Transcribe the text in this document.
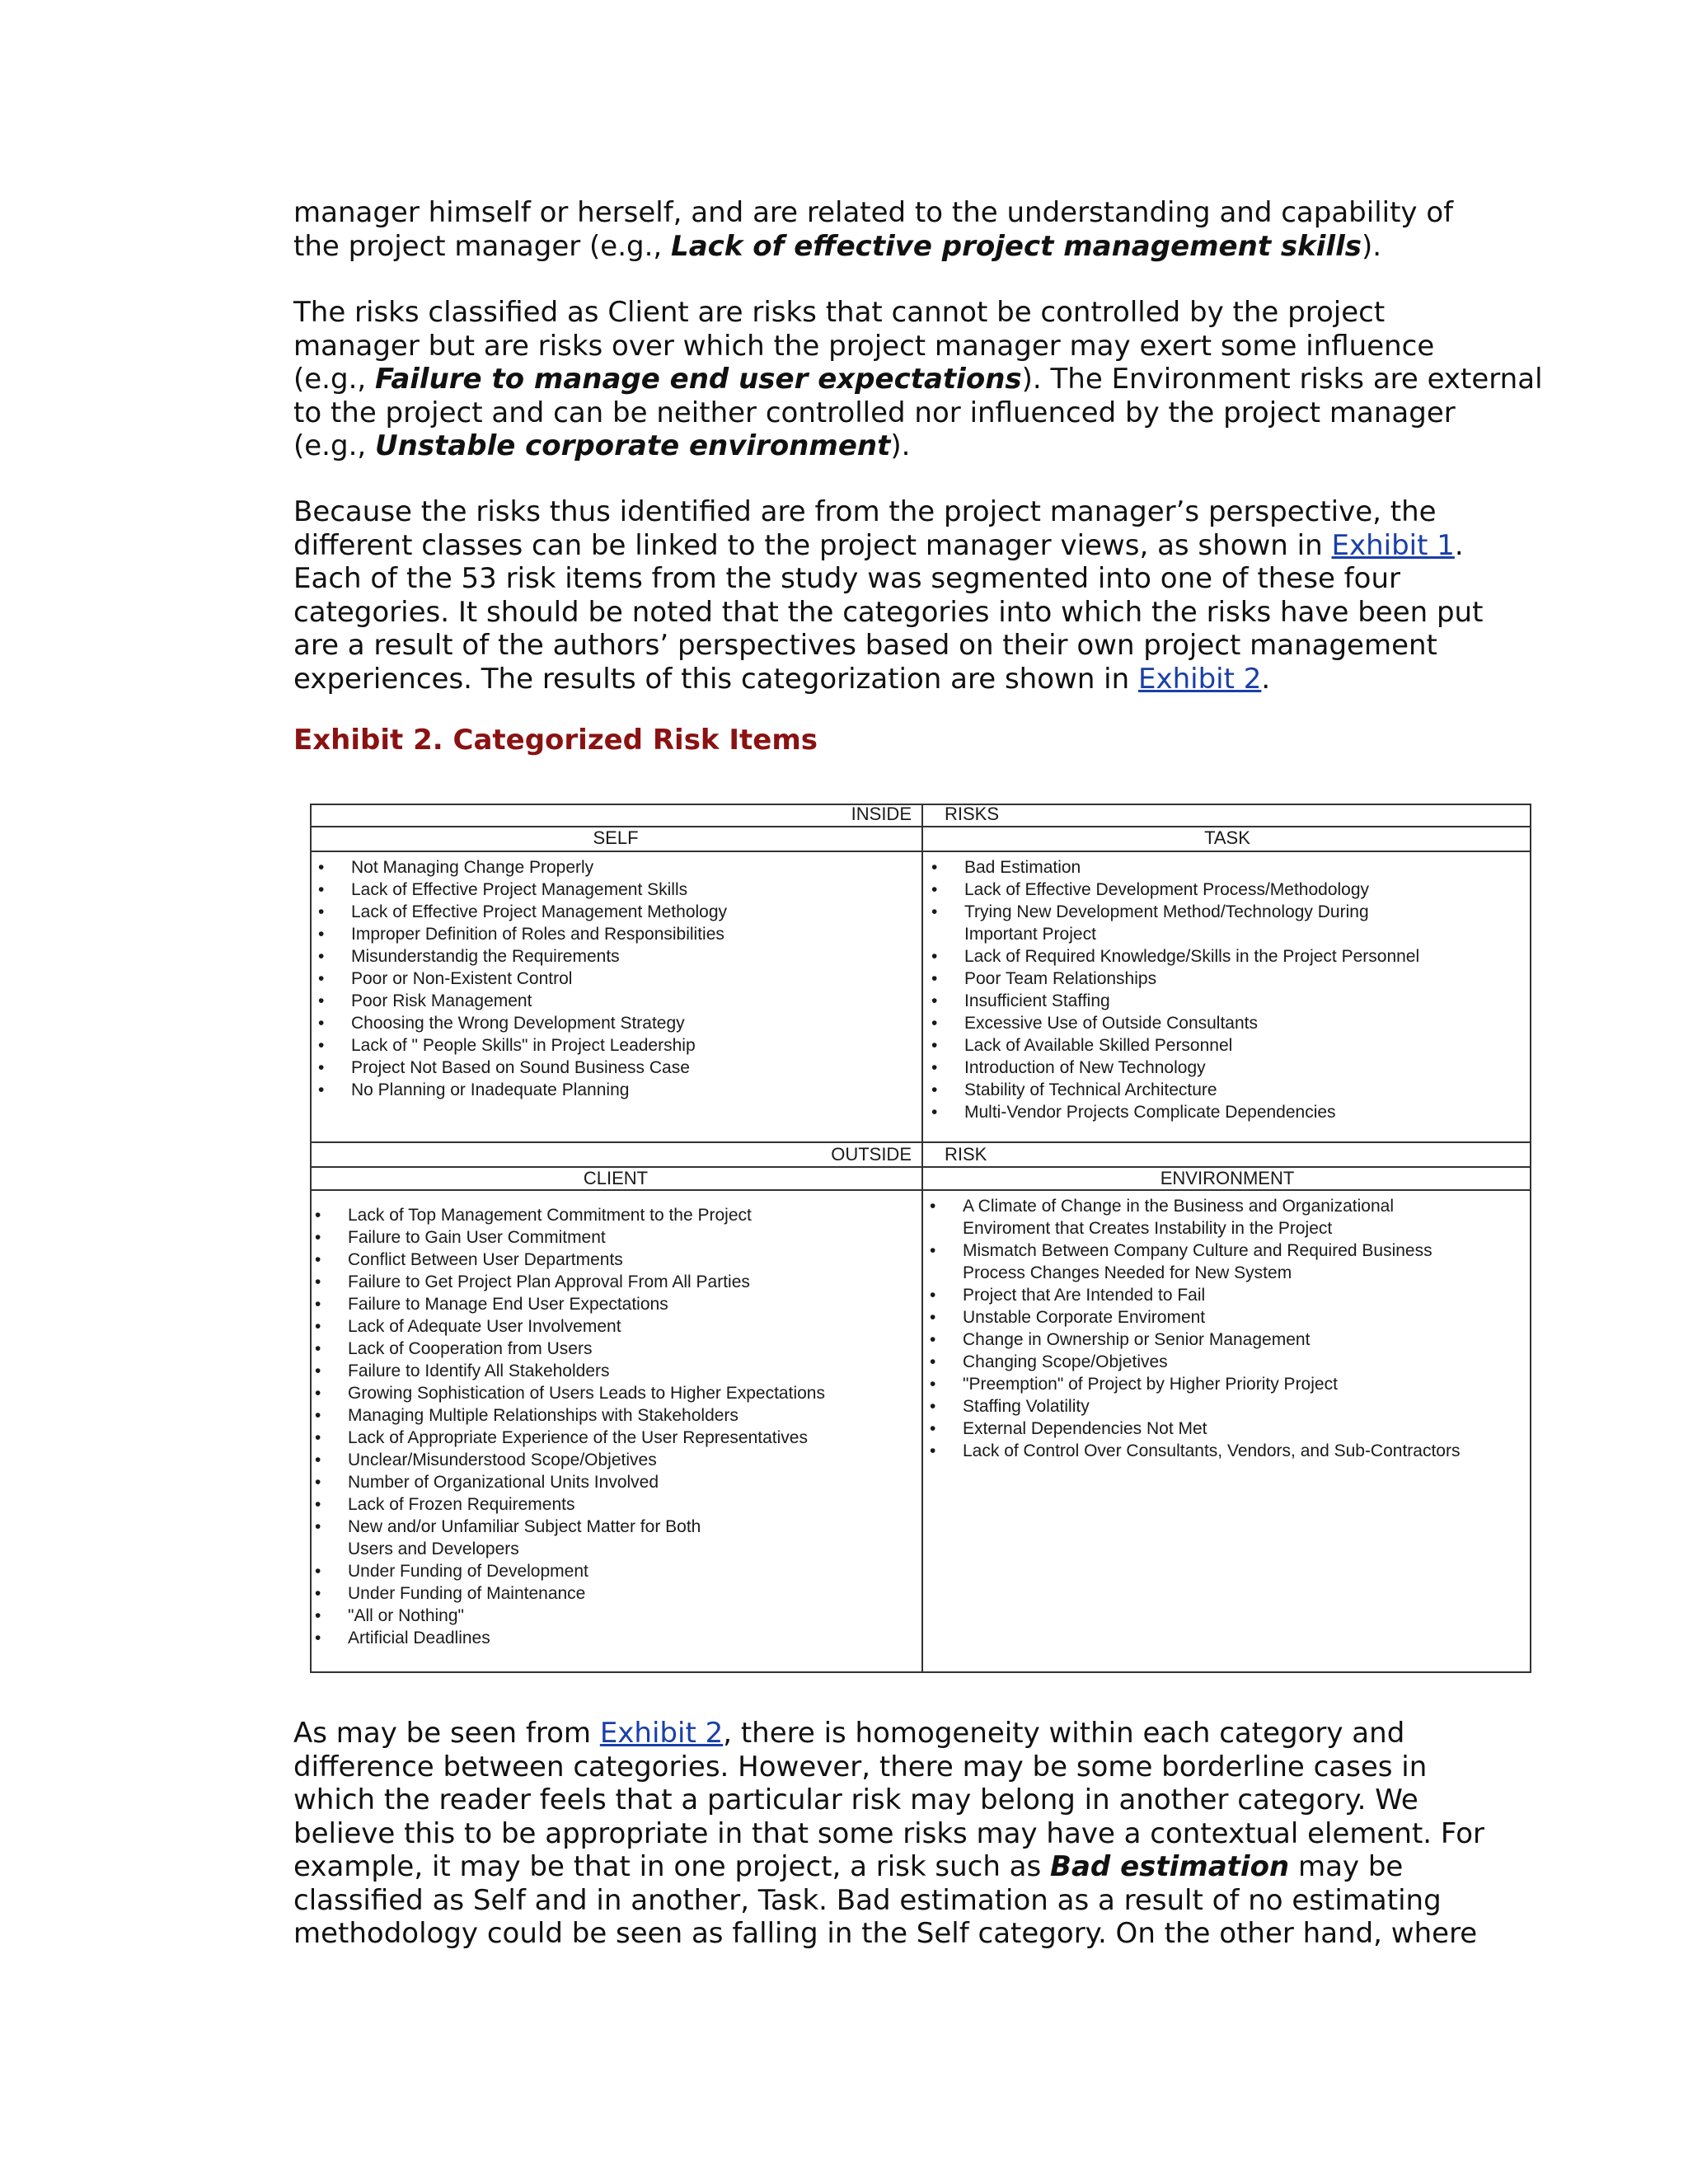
manager himself or herself, and are related to the understanding and capability of
the project manager (e.g., Lack of effective project management skills).

The risks classified as Client are risks that cannot be controlled by the project
manager but are risks over which the project manager may exert some influence
(e.g., Failure to manage end user expectations). The Environment risks are external
to the project and can be neither controlled nor influenced by the project manager
(e.g., Unstable corporate environment).

Because the risks thus identified are from the project manager’s perspective, the
different classes can be linked to the project manager views, as shown in Exhibit 1.
Each of the 53 risk items from the study was segmented into one of these four
categories. It should be noted that the categories into which the risks have been put
are a result of the authors’ perspectives based on their own project management
experiences. The results of this categorization are shown in Exhibit 2.

Exhibit 2. Categorized Risk Items
INSIDE RISKS
SELF	TASK
• Not Managing Change Properly
• Lack of Effective Project Management Skills
• Lack of Effective Project Management Methology
• Improper Definition of Roles and Responsibilities
• Misunderstandig the Requirements
• Poor or Non-Existent Control
• Poor Risk Management
• Choosing the Wrong Development Strategy
• Lack of " People Skills" in Project Leadership
• Project Not Based on Sound Business Case
• No Planning or Inadequate Planning
• Bad Estimation
• Lack of Effective Development Process/Methodology
• Trying New Development Method/Technology During
Important Project
• Lack of Required Knowledge/Skills in the Project Personnel
• Poor Team Relationships
• Insufficient Staffing
• Excessive Use of Outside Consultants
• Lack of Available Skilled Personnel
• Introduction of New Technology
• Stability of Technical Architecture
• Multi-Vendor Projects Complicate Dependencies
OUTSIDE RISK
CLIENT	ENVIRONMENT
• Lack of Top Management Commitment to the Project
• Failure to Gain User Commitment
• Conflict Between User Departments
• Failure to Get Project Plan Approval From All Parties
• Failure to Manage End User Expectations
• Lack of Adequate User Involvement
• Lack of Cooperation from Users
• Failure to Identify All Stakeholders
• Growing Sophistication of Users Leads to Higher Expectations
• Managing Multiple Relationships with Stakeholders
• Lack of Appropriate Experience of the User Representatives
• Unclear/Misunderstood Scope/Objetives
• Number of Organizational Units Involved
• Lack of Frozen Requirements
• New and/or Unfamiliar Subject Matter for Both
Users and Developers
• Under Funding of Development
• Under Funding of Maintenance
• "All or Nothing"
• Artificial Deadlines
• A Climate of Change in the Business and Organizational
Enviroment that Creates Instability in the Project
• Mismatch Between Company Culture and Required Business
Process Changes Needed for New System
• Project that Are Intended to Fail
• Unstable Corporate Enviroment
• Change in Ownership or Senior Management
• Changing Scope/Objetives
• "Preemption" of Project by Higher Priority Project
• Staffing Volatility
• External Dependencies Not Met
• Lack of Control Over Consultants, Vendors, and Sub-Contractors

As may be seen from Exhibit 2, there is homogeneity within each category and
difference between categories. However, there may be some borderline cases in
which the reader feels that a particular risk may belong in another category. We
believe this to be appropriate in that some risks may have a contextual element. For
example, it may be that in one project, a risk such as Bad estimation may be
classified as Self and in another, Task. Bad estimation as a result of no estimating
methodology could be seen as falling in the Self category. On the other hand, where
